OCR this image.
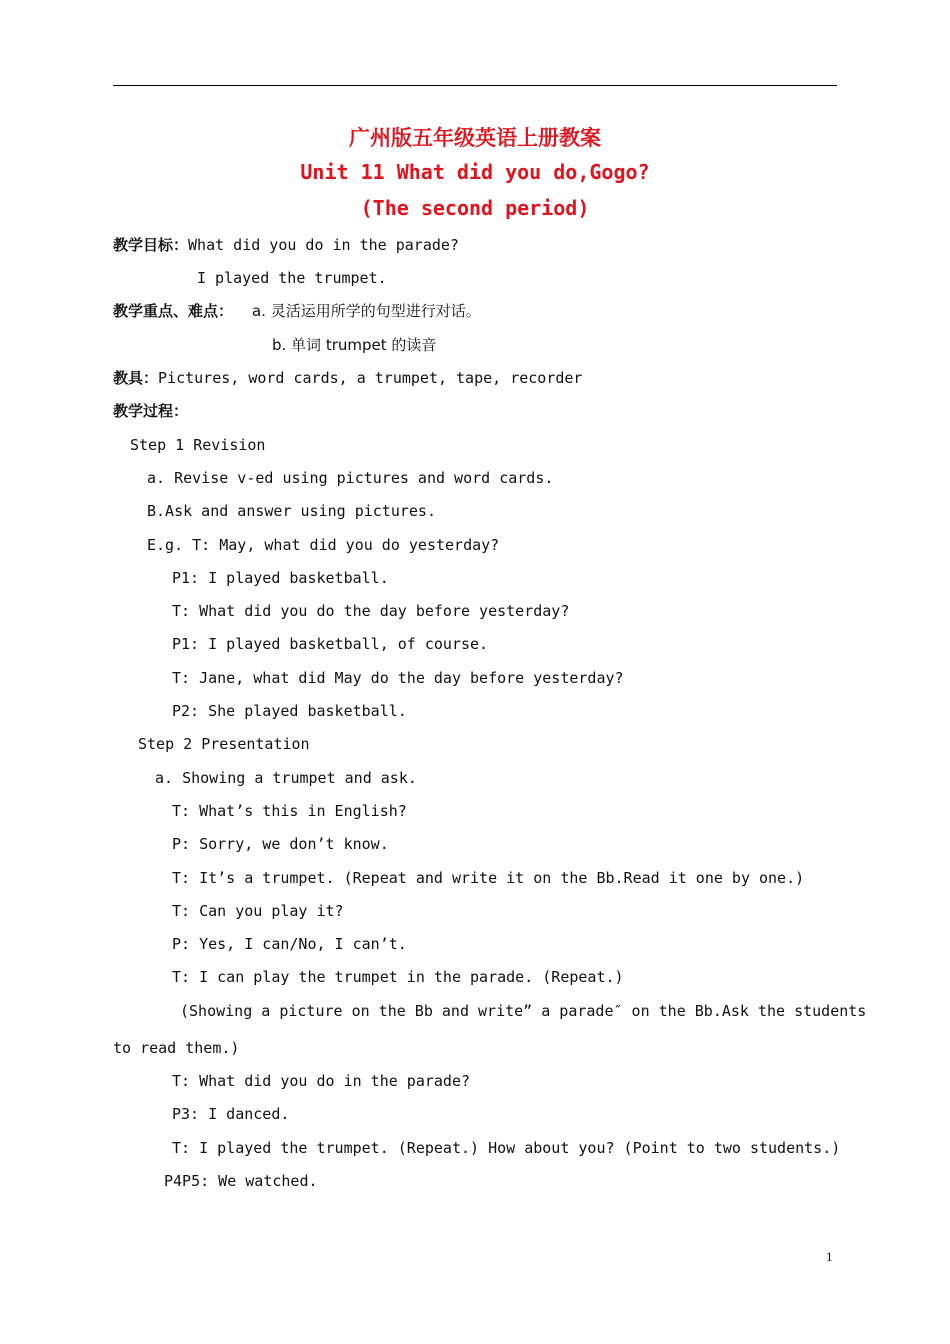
广州版五年级英语上册教案
Unit 11 What did you do,Gogo?
(The second period)
教学目标：What did you do in the parade?
I played the trumpet.
教学重点、难点： a. 灵活运用所学的句型进行对话。
b. 单词 trumpet 的读音
教具：Pictures, word cards, a trumpet, tape, recorder
教学过程：
Step 1 Revision
a. Revise v-ed using pictures and word cards.
B.Ask and answer using pictures.
E.g. T: May, what did you do yesterday?
P1: I played basketball.
T: What did you do the day before yesterday?
P1: I played basketball, of course.
T: Jane, what did May do the day before yesterday?
P2: She played basketball.
Step 2 Presentation
a. Showing a trumpet and ask.
T: What’s this in English?
P: Sorry, we don’t know.
T: It’s a trumpet. (Repeat and write it on the Bb.Read it one by one.)
T: Can you play it?
P: Yes, I can/No, I can’t.
T: I can play the trumpet in the parade. (Repeat.)
(Showing a picture on the Bb and write” a parade″ on the Bb.Ask the students
to read them.)
T: What did you do in the parade?
P3: I danced.
T: I played the trumpet. (Repeat.) How about you? (Point to two students.)
P4P5: We watched.
1
